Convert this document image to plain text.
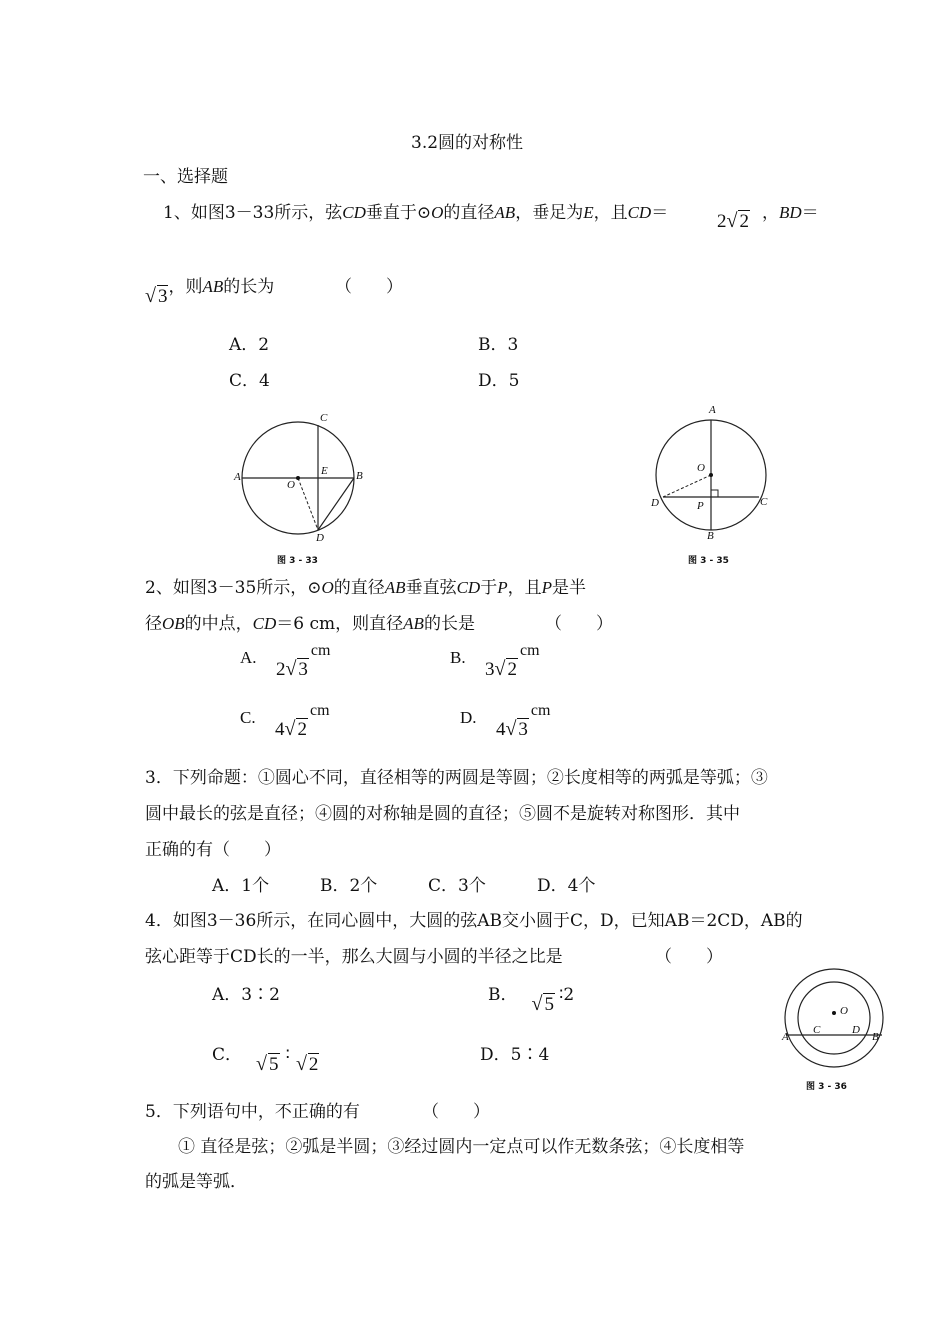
3.2圆的对称性
一、选择题
1、如图3－33所示，弦CD垂直于⊙O的直径AB，垂足为E，且CD＝	2√ 2 ，BD＝
√ 3，则AB的长为	（　　）
A．2	B．3
C．4	D．5
C
A	B
E
O
D
图 3 - 33
A
O
D	P	C
B
图 3 - 35
2、如图3－35所示，⊙O的直径AB垂直弦CD于P，且P是半
径OB的中点，CD＝6 cm，则直径AB的长是	（　　）
A. 2√ 3cm	B. 3√ 2cm
C. 4√ 2cm	D. 4√ 3cm
3．下列命题：①圆心不同，直径相等的两圆是等圆；②长度相等的两弧是等弧；③
圆中最长的弦是直径；④圆的对称轴是圆的直径；⑤圆不是旋转对称图形．其中
正确的有（　　）
A．1个	B．2个	C．3个	D．4个
4．如图3－36所示，在同心圆中，大圆的弦AB交小圆于C，D，已知AB＝2CD，AB的
弦心距等于CD长的一半，那么大圆与小圆的半径之比是	（　　）
A．3∶2	B． √ 5 ∶2
C． √ 5 ∶ √ 2	D．5∶4
O
C	D
A	B
图 3 - 36
5．下列语句中，不正确的有	（　　）
① 直径是弦；②弧是半圆；③经过圆内一定点可以作无数条弦；④长度相等
的弧是等弧．
